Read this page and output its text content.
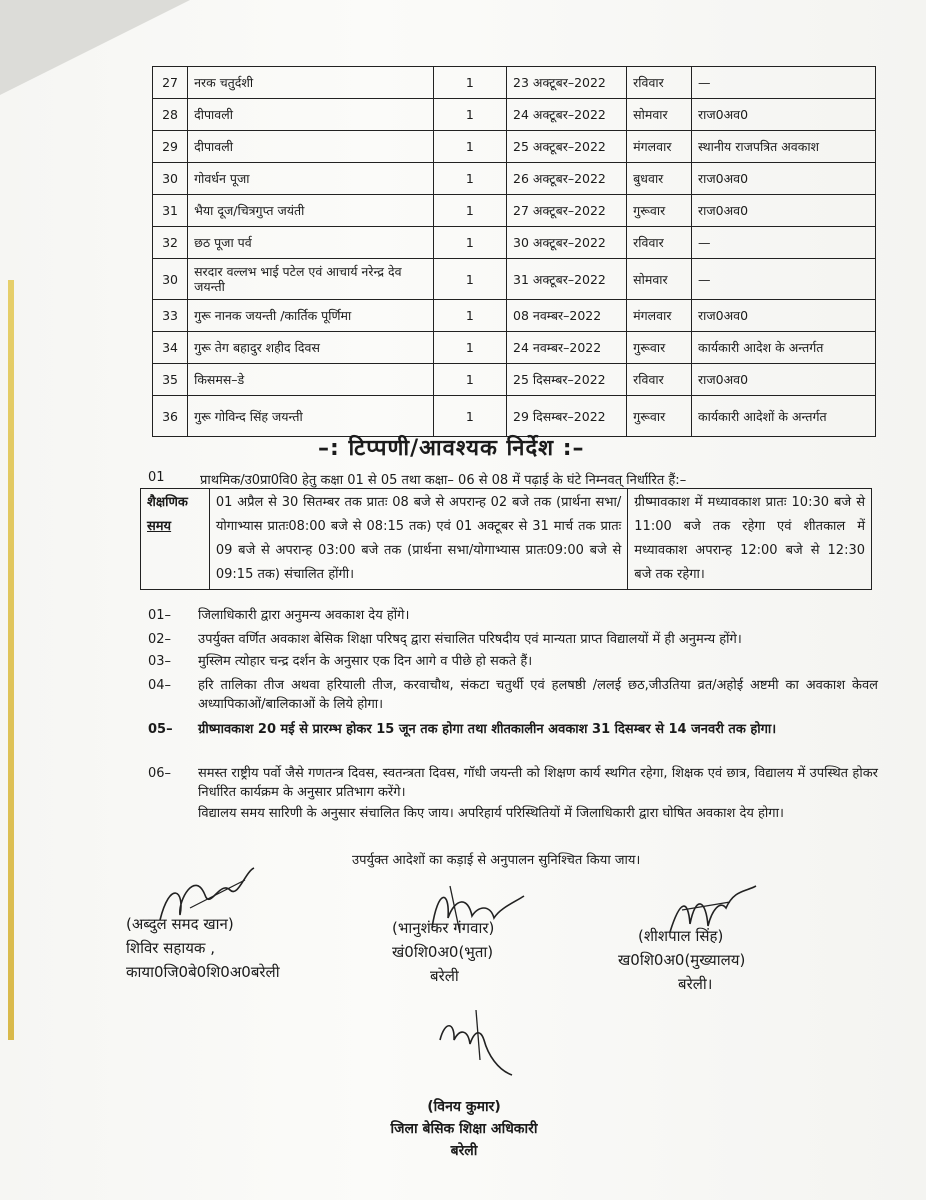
27	नरक चतुर्दशी	1	23 अक्टूबर–2022	रविवार	—
28	दीपावली	1	24 अक्टूबर–2022	सोमवार	राज0अव0
29	दीपावली	1	25 अक्टूबर–2022	मंगलवार	स्थानीय राजपत्रित अवकाश
30	गोवर्धन पूजा	1	26 अक्टूबर–2022	बुधवार	राज0अव0
31	भैया दूज/चित्रगुप्त जयंती	1	27 अक्टूबर–2022	गुरूवार	राज0अव0
32	छठ पूजा पर्व	1	30 अक्टूबर–2022	रविवार	—
30	सरदार वल्लभ भाई पटेल एवं आचार्य नरेन्द्र देव जयन्ती	1	31 अक्टूबर–2022	सोमवार	—
33	गुरू नानक जयन्ती /कार्तिक पूर्णिमा	1	08 नवम्बर–2022	मंगलवार	राज0अव0
34	गुरू तेग बहादुर शहीद दिवस	1	24 नवम्बर–2022	गुरूवार	कार्यकारी आदेश के अन्तर्गत
35	किसमस–डे	1	25 दिसम्बर–2022	रविवार	राज0अव0
36	गुरू गोविन्द सिंह जयन्ती	1	29 दिसम्बर–2022	गुरूवार	कार्यकारी आदेशों के अन्तर्गत
–: टिप्पणी/आवश्यक निर्देश :–
01	प्राथमिक/उ0प्रा0वि0 हेतु कक्षा 01 से 05 तथा कक्षा– 06 से 08 में पढ़ाई के घंटे निम्नवत् निर्धारित हैं:–
शैक्षणिक
समय
	01 अप्रैल से 30 सितम्बर तक प्रातः 08 बजे से अपरान्ह 02 बजे तक (प्रार्थना सभा/योगाभ्यास प्रातः08:00 बजे से 08:15 तक) एवं 01 अक्टूबर से 31 मार्च तक प्रातः 09 बजे से अपरान्ह 03:00 बजे तक (प्रार्थना सभा/योगाभ्यास प्रातः09:00 बजे से 09:15 तक) संचालित होंगी।	ग्रीष्मावकाश में मध्यावकाश प्रातः 10:30 बजे से 11:00 बजे तक रहेगा एवं शीतकाल में मध्यावकाश अपरान्ह 12:00 बजे से 12:30 बजे तक रहेगा।
01– जिलाधिकारी द्वारा अनुमन्य अवकाश देय होंगे।
02– उपर्युक्त वर्णित अवकाश बेसिक शिक्षा परिषद् द्वारा संचालित परिषदीय एवं मान्यता प्राप्त विद्यालयों में ही अनुमन्य होंगे।
03– मुस्लिम त्योहार चन्द्र दर्शन के अनुसार एक दिन आगे व पीछे हो सकते हैं।
04– हरि तालिका तीज अथवा हरियाली तीज, करवाचौथ, संकटा चतुर्थी एवं हलषष्ठी /ललई छठ,जीउतिया व्रत/अहोई अष्टमी का अवकाश केवल अध्यापिकाओं/बालिकाओं के लिये होगा।
05– ग्रीष्मावकाश 20 मई से प्रारम्भ होकर 15 जून तक होगा तथा शीतकालीन अवकाश 31 दिसम्बर से 14 जनवरी तक होगा।
06– समस्त राष्ट्रीय पर्वो जैसे गणतन्त्र दिवस, स्वतन्त्रता दिवस, गॉधी जयन्ती को शिक्षण कार्य स्थगित रहेगा, शिक्षक एवं छात्र, विद्यालय में उपस्थित होकर निर्धारित कार्यक्रम के अनुसार प्रतिभाग करेंगे।
विद्यालय समय सारिणी के अनुसार संचालित किए जाय। अपरिहार्य परिस्थितियों में जिलाधिकारी द्वारा घोषित अवकाश देय होगा।
उपर्युक्त आदेशों का कड़ाई से अनुपालन सुनिश्चित किया जाय।
(अब्दुल समद खान)
शिविर सहायक ,
काया0जि0बे0शि0अ0बरेली
(भानुशंकर गंगवार)
खं0शि0अ0(भुता)
बरेली
(शीशपाल सिंह)
ख0शि0अ0(मुख्यालय)
बरेली।
(विनय कुमार)
जिला बेसिक शिक्षा अधिकारी
बरेली
